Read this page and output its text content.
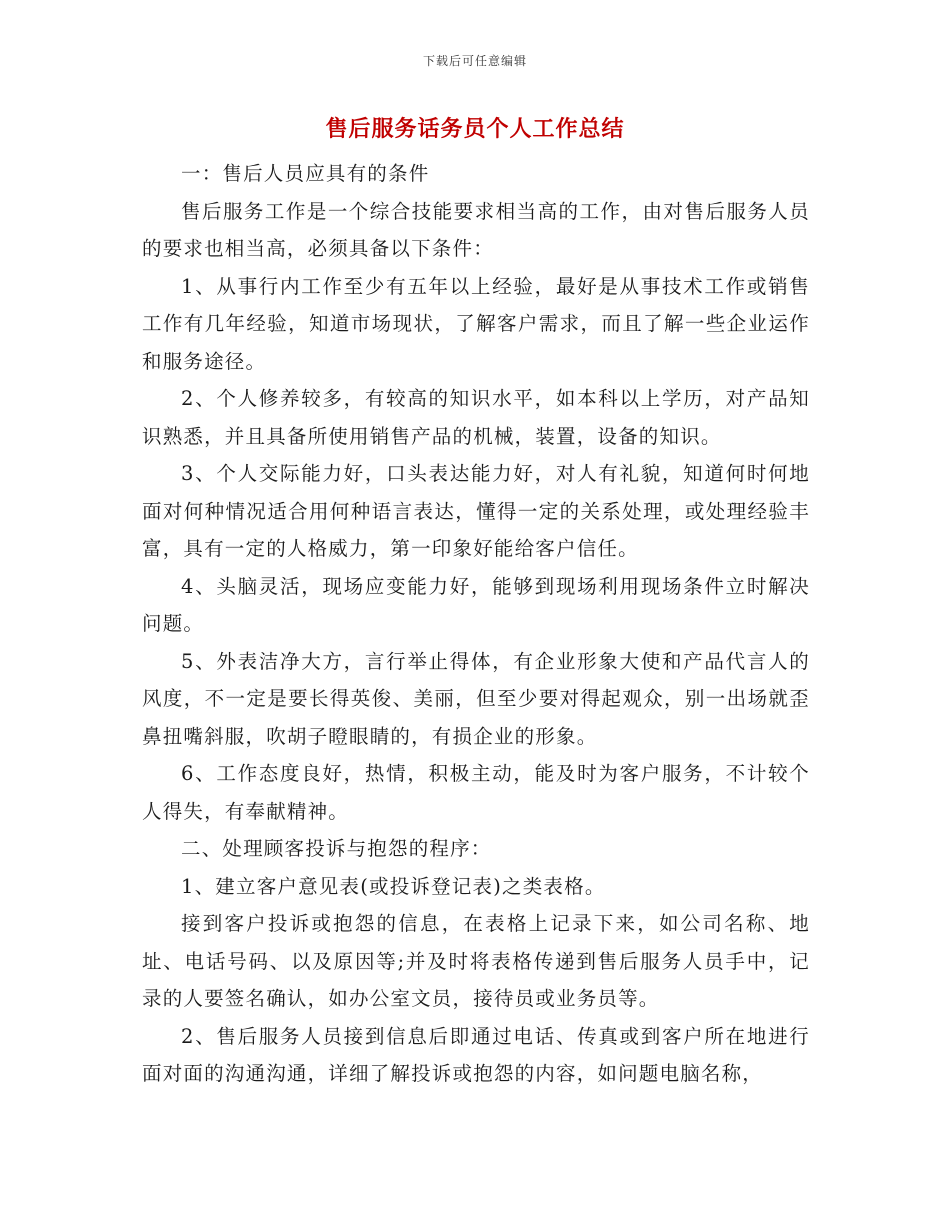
下载后可任意编辑
售后服务话务员个人工作总结

一：售后人员应具有的条件

售后服务工作是一个综合技能要求相当高的工作，由对售后服务人员的要求也相当高，必须具备以下条件：

1、从事行内工作至少有五年以上经验，最好是从事技术工作或销售工作有几年经验，知道市场现状，了解客户需求，而且了解一些企业运作和服务途径。

2、个人修养较多，有较高的知识水平，如本科以上学历，对产品知识熟悉，并且具备所使用销售产品的机械，装置，设备的知识。

3、个人交际能力好，口头表达能力好，对人有礼貌，知道何时何地面对何种情况适合用何种语言表达，懂得一定的关系处理，或处理经验丰富，具有一定的人格威力，第一印象好能给客户信任。

4、头脑灵活，现场应变能力好，能够到现场利用现场条件立时解决问题。

5、外表洁净大方，言行举止得体，有企业形象大使和产品代言人的风度，不一定是要长得英俊、美丽，但至少要对得起观众，别一出场就歪鼻扭嘴斜服，吹胡子瞪眼睛的，有损企业的形象。

6、工作态度良好，热情，积极主动，能及时为客户服务，不计较个人得失，有奉献精神。

二、处理顾客投诉与抱怨的程序：

1、建立客户意见表(或投诉登记表)之类表格。

接到客户投诉或抱怨的信息，在表格上记录下来，如公司名称、地址、电话号码、以及原因等;并及时将表格传递到售后服务人员手中，记录的人要签名确认，如办公室文员，接待员或业务员等。

2、售后服务人员接到信息后即通过电话、传真或到客户所在地进行面对面的沟通沟通，详细了解投诉或抱怨的内容，如问题电脑名称，
